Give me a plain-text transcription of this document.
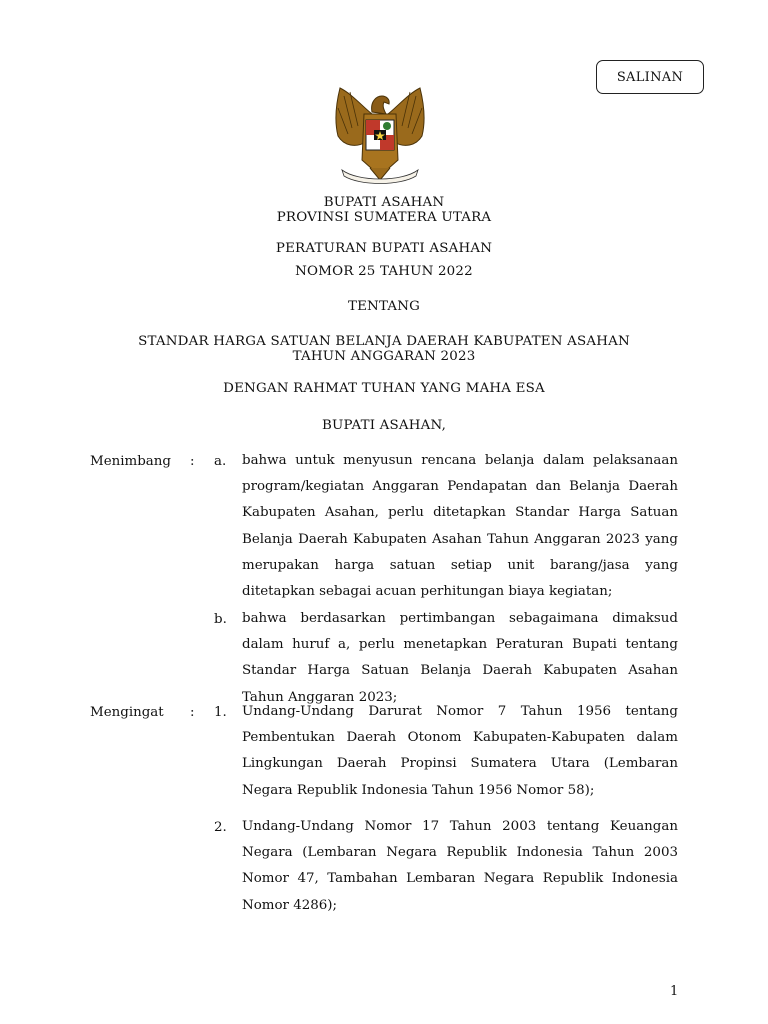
SALINAN
BUPATI ASAHAN
PROVINSI SUMATERA UTARA
PERATURAN BUPATI ASAHAN
NOMOR 25 TAHUN 2022
TENTANG
STANDAR HARGA SATUAN BELANJA DAERAH KABUPATEN ASAHAN
TAHUN ANGGARAN 2023
DENGAN RAHMAT TUHAN YANG MAHA ESA
BUPATI ASAHAN,
Menimbang : a. bahwa untuk menyusun rencana belanja dalam pelaksanaan program/kegiatan Anggaran Pendapatan dan Belanja Daerah Kabupaten Asahan, perlu ditetapkan Standar Harga Satuan Belanja Daerah Kabupaten Asahan Tahun Anggaran 2023 yang merupakan harga satuan setiap unit barang/jasa yang ditetapkan sebagai acuan perhitungan biaya kegiatan;
b. bahwa berdasarkan pertimbangan sebagaimana dimaksud dalam huruf a, perlu menetapkan Peraturan Bupati tentang Standar Harga Satuan Belanja Daerah Kabupaten Asahan Tahun Anggaran 2023;
Mengingat : 1. Undang-Undang Darurat Nomor 7 Tahun 1956 tentang Pembentukan Daerah Otonom Kabupaten-Kabupaten dalam Lingkungan Daerah Propinsi Sumatera Utara (Lembaran Negara Republik Indonesia Tahun 1956 Nomor 58);
2. Undang-Undang Nomor 17 Tahun 2003 tentang Keuangan Negara (Lembaran Negara Republik Indonesia Tahun 2003 Nomor 47, Tambahan Lembaran Negara Republik Indonesia Nomor 4286);
1
